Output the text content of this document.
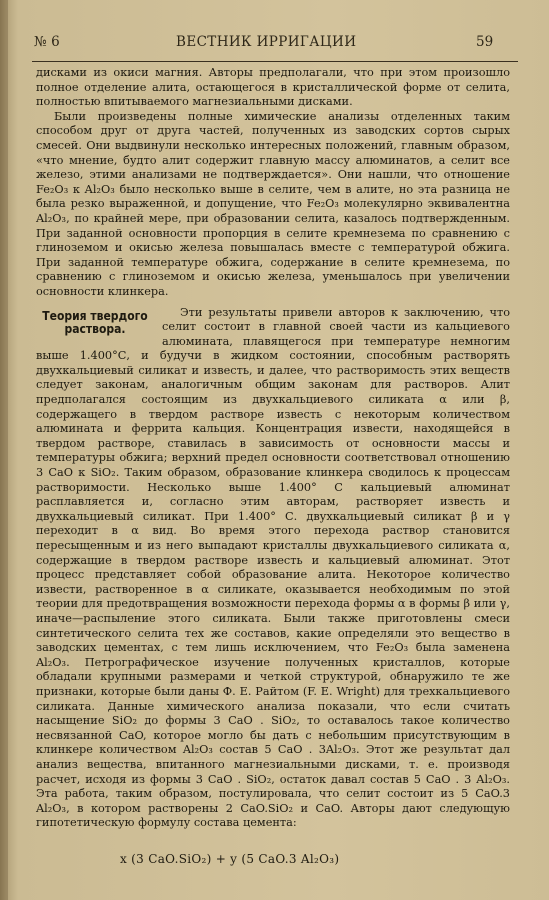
№ 6	ВЕСТНИК ИРРИГАЦИИ	59

дисками из окиси магния. Авторы предполагали, что при этом произошло полное отделение алита, остающегося в кристаллической форме от селита, полностью впитываемого магнезиальными дисками.

Были произведены полные химические анализы отделенных таким способом друг от друга частей, полученных из заводских сортов сырых смесей. Они выдвинули несколько интересных положений, главным образом, «что мнение, будто алит содержит главную массу алюминатов, а селит все железо, этими анализами не подтверждается». Они нашли, что отношение Fe₂O₃ к Al₂O₃ было несколько выше в селите, чем в алите, но эта разница не была резко выраженной, и допущение, что Fe₂O₃ молекулярно эквивалентна Al₂O₃, по крайней мере, при образовании селита, казалось подтвержденным. При заданной основности пропорция в селите кремнезема по сравнению с глиноземом и окисью железа повышалась вместе с температурой обжига. При заданной температуре обжига, содержание в селите кремнезема, по сравнению с глиноземом и окисью железа, уменьшалось при увеличении основности клинкера.

Теория твердого раствора.

Эти результаты привели авторов к заключению, что селит состоит в главной своей части из кальциевого алюмината, плавящегося при температуре немногим выше 1.400°С, и будучи в жидком состоянии, способным растворять двухкальциевый силикат и известь, и далее, что растворимость этих веществ следует законам, аналогичным общим законам для растворов. Алит предполагался состоящим из двухкальциевого силиката α или β, содержащего в твердом растворе известь с некоторым количеством алюмината и феррита кальция. Концентрация извести, находящейся в твердом растворе, ставилась в зависимость от основности массы и температуры обжига; верхний предел основности соответствовал отношению 3 СаО к SiO₂. Таким образом, образование клинкера сводилось к процессам растворимости. Несколько выше 1.400° С кальциевый алюминат расплавляется и, согласно этим авторам, растворяет известь и двухкальциевый силикат. При 1.400° С. двухкальциевый силикат β и γ переходит в α вид. Во время этого перехода раствор становится пересыщенным и из него выпадают кристаллы двухкальциевого силиката α, содержащие в твердом растворе известь и кальциевый алюминат. Этот процесс представляет собой образование алита. Некоторое количество извести, растворенное в α силикате, оказывается необходимым по этой теории для предотвращения возможности перехода формы α в формы β или γ, иначе—распыление этого силиката. Были также приготовлены смеси синтетического селита тех же составов, какие определяли это вещество в заводских цементах, с тем лишь исключением, что Fe₂O₃ была заменена Al₂O₃. Петрографическое изучение полученных кристаллов, которые обладали крупными размерами и четкой структурой, обнаружило те же признаки, которые были даны Ф. Е. Райтом (F. E. Wright) для трехкальциевого силиката. Данные химического анализа показали, что если считать насыщение SiO₂ до формы 3 CaO . SiO₂, то оставалось такое количество несвязанной CaO, которое могло бы дать с небольшим присутствующим в клинкере количеством Al₂O₃ состав 5 CaO . 3Al₂O₃. Этот же результат дал анализ вещества, впитанного магнезиальными дисками, т. е. производя расчет, исходя из формы 3 CaO . SiO₂, остаток давал состав 5 CaO . 3 Al₂O₃. Эта работа, таким образом, постулировала, что селит состоит из 5 CaO.3 Al₂O₃, в котором растворены 2 CaO.SiO₂ и CaO. Авторы дают следующую гипотетическую формулу состава цемента:

x (3 CaO.SiO₂) + y (5 CaO.3 Al₂O₃)
